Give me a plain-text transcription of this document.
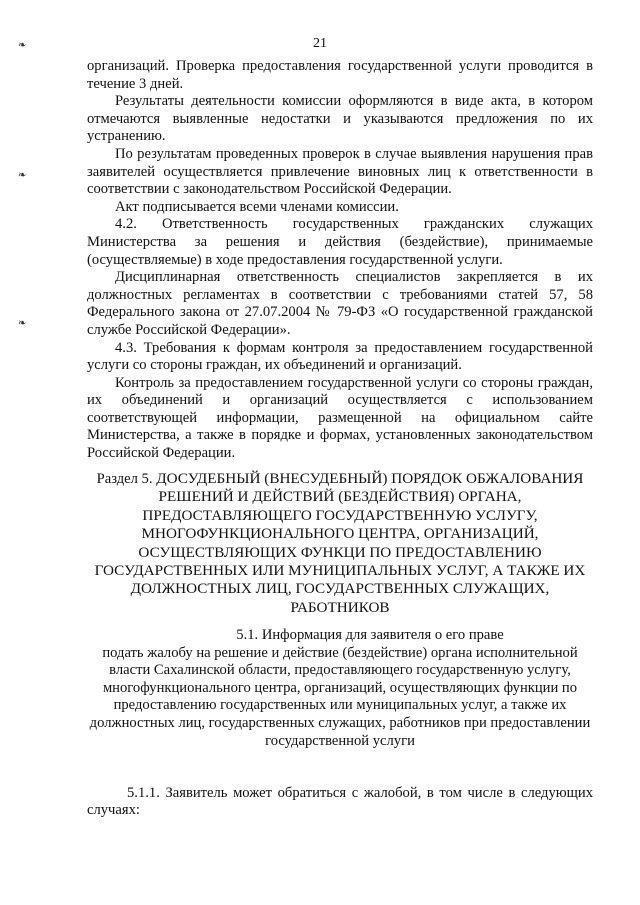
21
❧
❧
❧

организаций. Проверка предоставления государственной услуги проводится в течение 3 дней.

Результаты деятельности комиссии оформляются в виде акта, в котором отмечаются выявленные недостатки и указываются предложения по их устранению.

По результатам проведенных проверок в случае выявления нарушения прав заявителей осуществляется привлечение виновных лиц к ответственности в соответствии с законодательством Российской Федерации.

Акт подписывается всеми членами комиссии.

4.2. Ответственность государственных гражданских служащих Министерства за решения и действия (бездействие), принимаемые (осуществляемые) в ходе предоставления государственной услуги.

Дисциплинарная ответственность специалистов закрепляется в их должностных регламентах в соответствии с требованиями статей 57, 58 Федерального закона от 27.07.2004 № 79-ФЗ «О государственной гражданской службе Российской Федерации».

4.3. Требования к формам контроля за предоставлением государственной услуги со стороны граждан, их объединений и организаций.

Контроль за предоставлением государственной услуги со стороны граждан, их объединений и организаций осуществляется с использованием соответствующей информации, размещенной на официальном сайте Министерства, а также в порядке и формах, установленных законодательством Российской Федерации.

Раздел 5. ДОСУДЕБНЫЙ (ВНЕСУДЕБНЫЙ) ПОРЯДОК ОБЖАЛОВАНИЯ РЕШЕНИЙ И ДЕЙСТВИЙ (БЕЗДЕЙСТВИЯ) ОРГАНА, ПРЕДОСТАВЛЯЮЩЕГО ГОСУДАРСТВЕННУЮ УСЛУГУ, МНОГОФУНКЦИОНАЛЬНОГО ЦЕНТРА, ОРГАНИЗАЦИЙ, ОСУЩЕСТВЛЯЮЩИХ ФУНКЦИ ПО ПРЕДОСТАВЛЕНИЮ ГОСУДАРСТВЕННЫХ ИЛИ МУНИЦИПАЛЬНЫХ УСЛУГ, А ТАКЖЕ ИХ ДОЛЖНОСТНЫХ ЛИЦ, ГОСУДАРСТВЕННЫХ СЛУЖАЩИХ, РАБОТНИКОВ
5.1. Информация для заявителя о его праве
подать жалобу на решение и действие (бездействие) органа исполнительной власти Сахалинской области, предоставляющего государственную услугу, многофункционального центра, организаций, осуществляющих функции по предоставлению государственных или муниципальных услуг, а также их должностных лиц, государственных служащих, работников при предоставлении государственной услуги

5.1.1. Заявитель может обратиться с жалобой, в том числе в следующих случаях:
